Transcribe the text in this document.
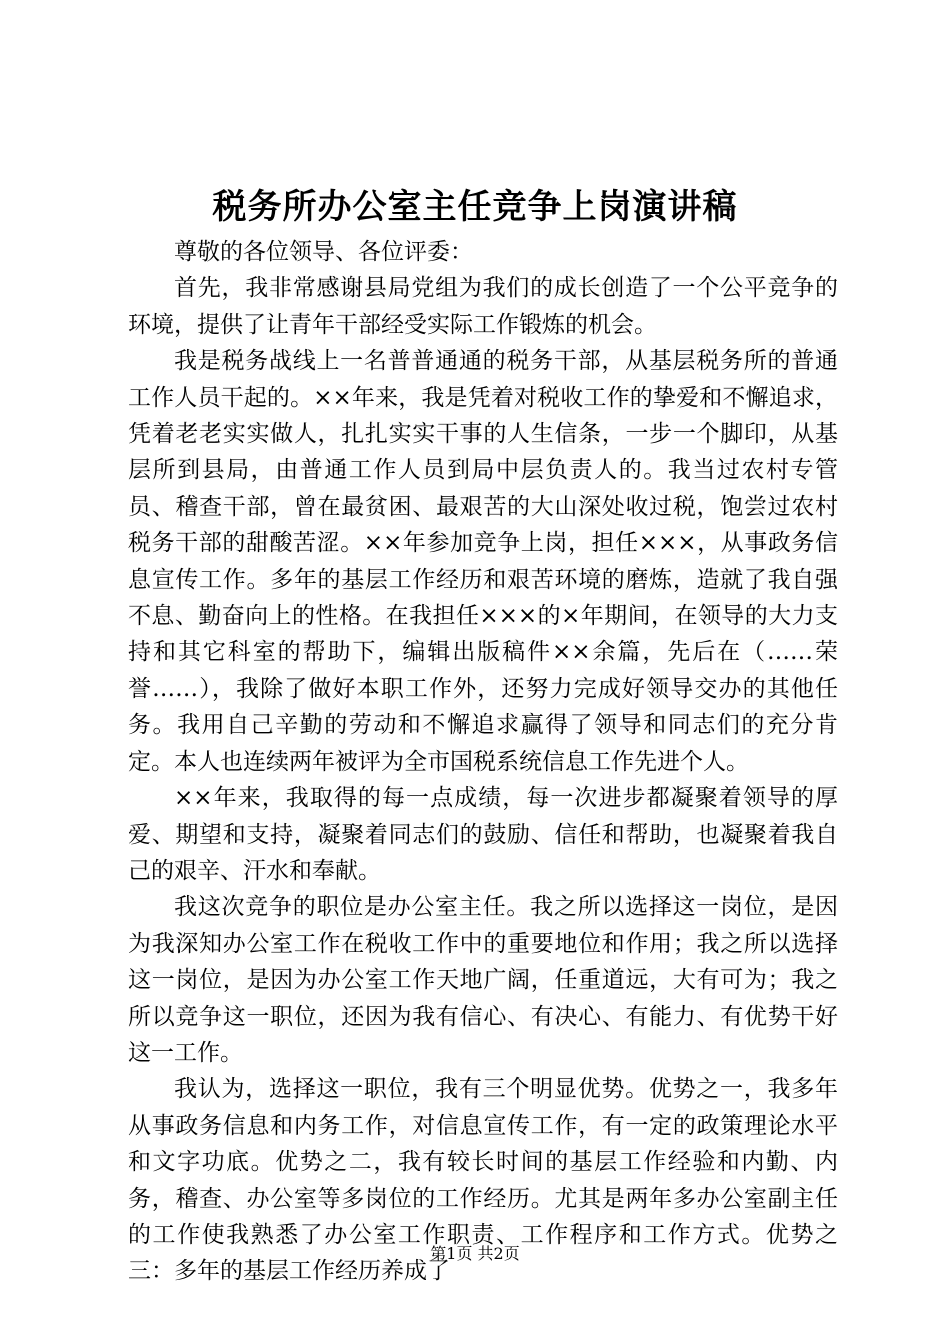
税务所办公室主任竞争上岗演讲稿

尊敬的各位领导、各位评委：

首先，我非常感谢县局党组为我们的成长创造了一个公平竞争的环境，提供了让青年干部经受实际工作锻炼的机会。

我是税务战线上一名普普通通的税务干部，从基层税务所的普通工作人员干起的。××年来，我是凭着对税收工作的挚爱和不懈追求，凭着老老实实做人，扎扎实实干事的人生信条，一步一个脚印，从基层所到县局，由普通工作人员到局中层负责人的。我当过农村专管员、稽查干部，曾在最贫困、最艰苦的大山深处收过税，饱尝过农村税务干部的甜酸苦涩。××年参加竞争上岗，担任×××，从事政务信息宣传工作。多年的基层工作经历和艰苦环境的磨炼，造就了我自强不息、勤奋向上的性格。在我担任×××的×年期间，在领导的大力支持和其它科室的帮助下，编辑出版稿件××余篇，先后在（……荣誉……），我除了做好本职工作外，还努力完成好领导交办的其他任务。我用自己辛勤的劳动和不懈追求赢得了领导和同志们的充分肯定。本人也连续两年被评为全市国税系统信息工作先进个人。

××年来，我取得的每一点成绩，每一次进步都凝聚着领导的厚爱、期望和支持，凝聚着同志们的鼓励、信任和帮助，也凝聚着我自己的艰辛、汗水和奉献。

我这次竞争的职位是办公室主任。我之所以选择这一岗位，是因为我深知办公室工作在税收工作中的重要地位和作用；我之所以选择这一岗位，是因为办公室工作天地广阔，任重道远，大有可为；我之所以竞争这一职位，还因为我有信心、有决心、有能力、有优势干好这一工作。

我认为，选择这一职位，我有三个明显优势。优势之一，我多年从事政务信息和内务工作，对信息宣传工作，有一定的政策理论水平和文字功底。优势之二，我有较长时间的基层工作经验和内勤、内务，稽查、办公室等多岗位的工作经历。尤其是两年多办公室副主任的工作使我熟悉了办公室工作职责、工作程序和工作方式。优势之三：多年的基层工作经历养成了

第1页 共2页
